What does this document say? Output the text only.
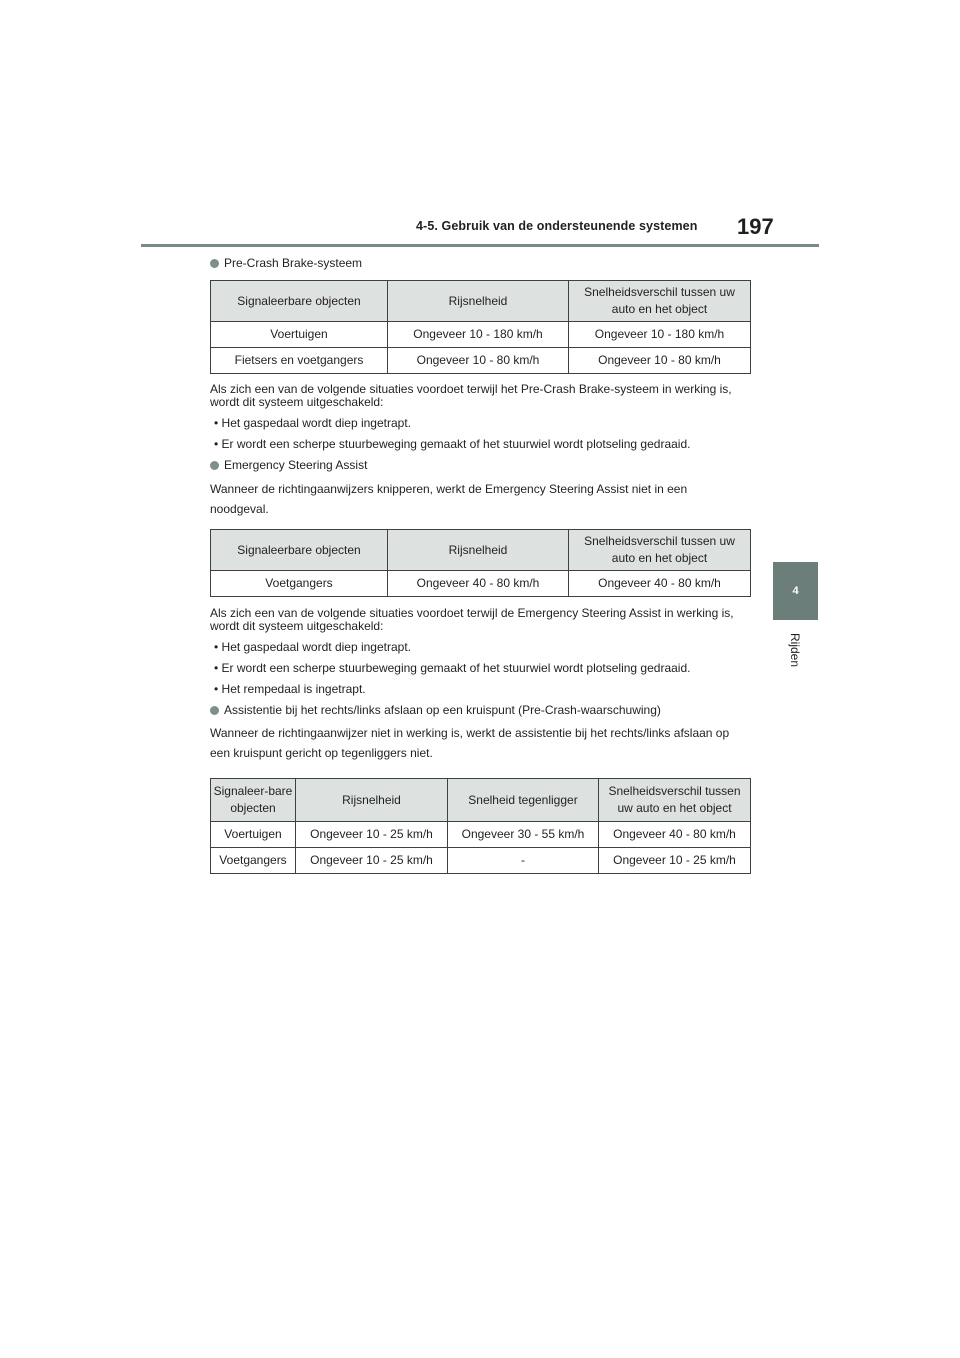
4-5. Gebruik van de ondersteunende systemen 197
4
Rijden

Pre-Crash Brake-systeem

Signaleerbare objecten	Rijsnelheid	Snelheidsverschil tussen uw auto en het object
Voertuigen	Ongeveer 10 - 180 km/h	Ongeveer 10 - 180 km/h
Fietsers en voetgangers	Ongeveer 10 - 80 km/h	Ongeveer 10 - 80 km/h

Als zich een van de volgende situaties voordoet terwijl het Pre-Crash Brake-systeem in werking is, wordt dit systeem uitgeschakeld:

• Het gaspedaal wordt diep ingetrapt.

• Er wordt een scherpe stuurbeweging gemaakt of het stuurwiel wordt plotseling gedraaid.

Emergency Steering Assist

Wanneer de richtingaanwijzers knipperen, werkt de Emergency Steering Assist niet in een noodgeval.

Signaleerbare objecten	Rijsnelheid	Snelheidsverschil tussen uw auto en het object
Voetgangers	Ongeveer 40 - 80 km/h	Ongeveer 40 - 80 km/h

Als zich een van de volgende situaties voordoet terwijl de Emergency Steering Assist in werking is, wordt dit systeem uitgeschakeld:

• Het gaspedaal wordt diep ingetrapt.

• Er wordt een scherpe stuurbeweging gemaakt of het stuurwiel wordt plotseling gedraaid.

• Het rempedaal is ingetrapt.

Assistentie bij het rechts/links afslaan op een kruispunt (Pre-Crash-waarschuwing)

Wanneer de richtingaanwijzer niet in werking is, werkt de assistentie bij het rechts/links afslaan op een kruispunt gericht op tegenliggers niet.

Signaleer-bare objecten	Rijsnelheid	Snelheid tegenligger	Snelheidsverschil tussen uw auto en het object
Voertuigen	Ongeveer 10 - 25 km/h	Ongeveer 30 - 55 km/h	Ongeveer 40 - 80 km/h
Voetgangers	Ongeveer 10 - 25 km/h	-	Ongeveer 10 - 25 km/h
